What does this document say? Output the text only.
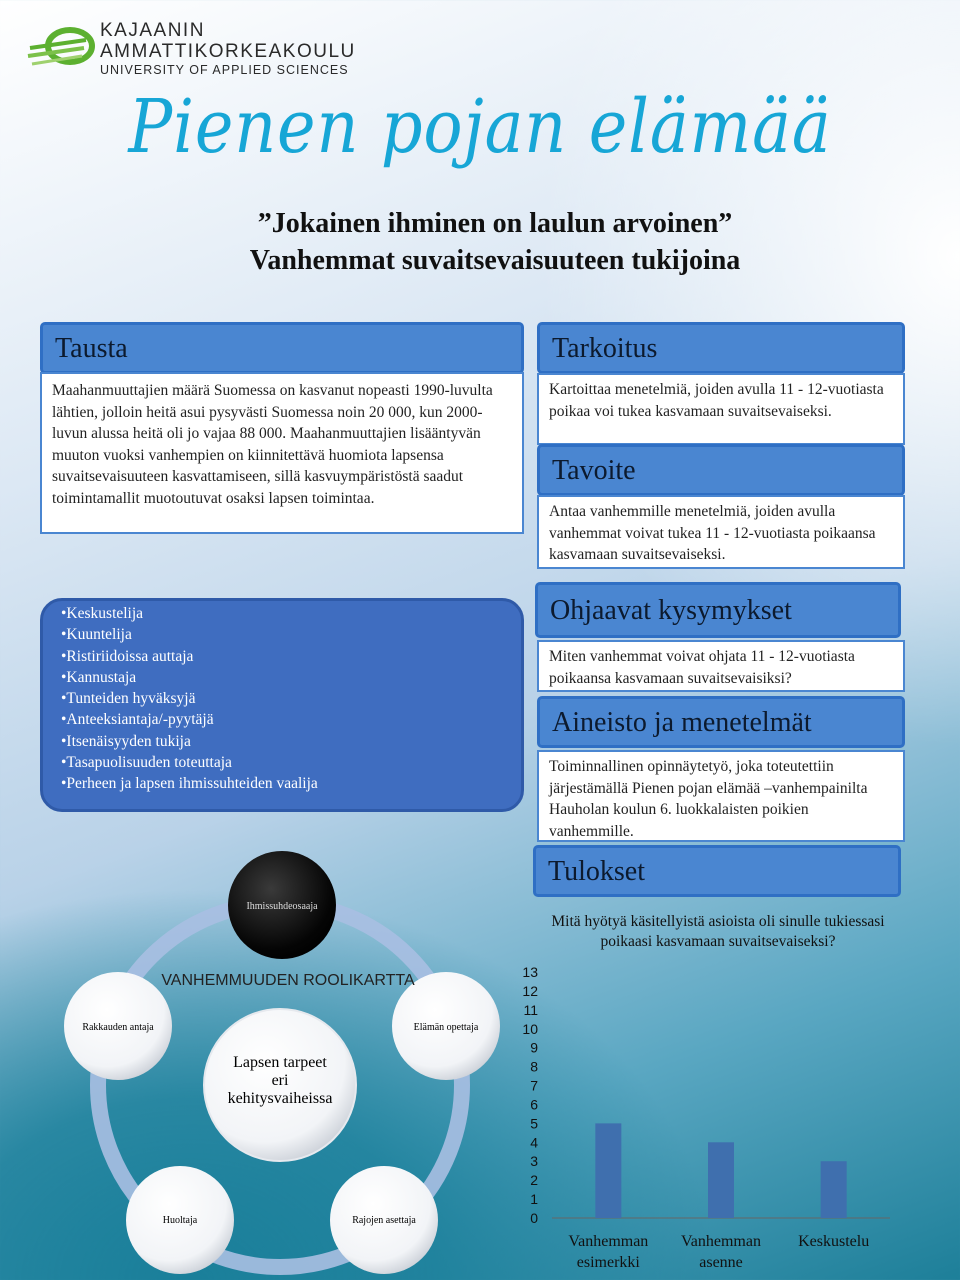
KAJAANIN
AMMATTIKORKEAKOULU
UNIVERSITY OF APPLIED SCIENCES
Pienen pojan elämää
”Jokainen ihminen on laulun arvoinen”
Vanhemmat suvaitsevaisuuteen tukijoina
Tausta
Maahanmuuttajien määrä Suomessa on kasvanut nopeasti 1990-luvulta lähtien, jolloin heitä asui pysyvästi Suomessa noin 20 000, kun 2000-luvun alussa heitä oli jo vajaa 88 000. Maahanmuuttajien lisääntyvän muuton vuoksi vanhempien on kiinnitettävä huomiota lapsensa suvaitsevaisuuteen kasvattamiseen, sillä kasvuympäristöstä saadut toimintamallit muotoutuvat osaksi lapsen toimintaa.
Tarkoitus
Kartoittaa menetelmiä, joiden avulla 11 - 12-vuotiasta poikaa voi tukea kasvamaan suvaitsevaiseksi.
Tavoite
Antaa vanhemmille menetelmiä, joiden avulla vanhemmat voivat tukea 11 - 12-vuotiasta poikaansa kasvamaan suvaitsevaiseksi.
•Keskustelija
•Kuuntelija
•Ristiriidoissa auttaja
•Kannustaja
•Tunteiden hyväksyjä
•Anteeksiantaja/-pyytäjä
•Itsenäisyyden tukija
•Tasapuolisuuden toteuttaja
•Perheen ja lapsen ihmissuhteiden vaalija
Ohjaavat kysymykset
Miten vanhemmat voivat ohjata 11 - 12-vuotiasta poikaansa kasvamaan suvaitsevaisiksi?
Aineisto ja menetelmät
Toiminnallinen opinnäytetyö, joka toteutettiin järjestämällä Pienen pojan elämää –vanhempainilta Hauholan koulun 6. luokkalaisten poikien vanhemmille.
Tulokset
Lapsen tarpeet
eri
kehitysvaiheissa
Ihmissuhdeosaaja
Elämän opettaja
Rajojen asettaja
Huoltaja
Rakkauden antaja
VANHEMMUUDEN ROOLIKARTTA
Mitä hyötyä käsitellyistä asioista oli sinulle tukiessasi poikaasi kasvamaan suvaitsevaiseksi?
0
1
2
3
4
5
6
7
8
9
10
11
12
13
Vanhemman
esimerkki
Vanhemman
asenne
Keskustelu
